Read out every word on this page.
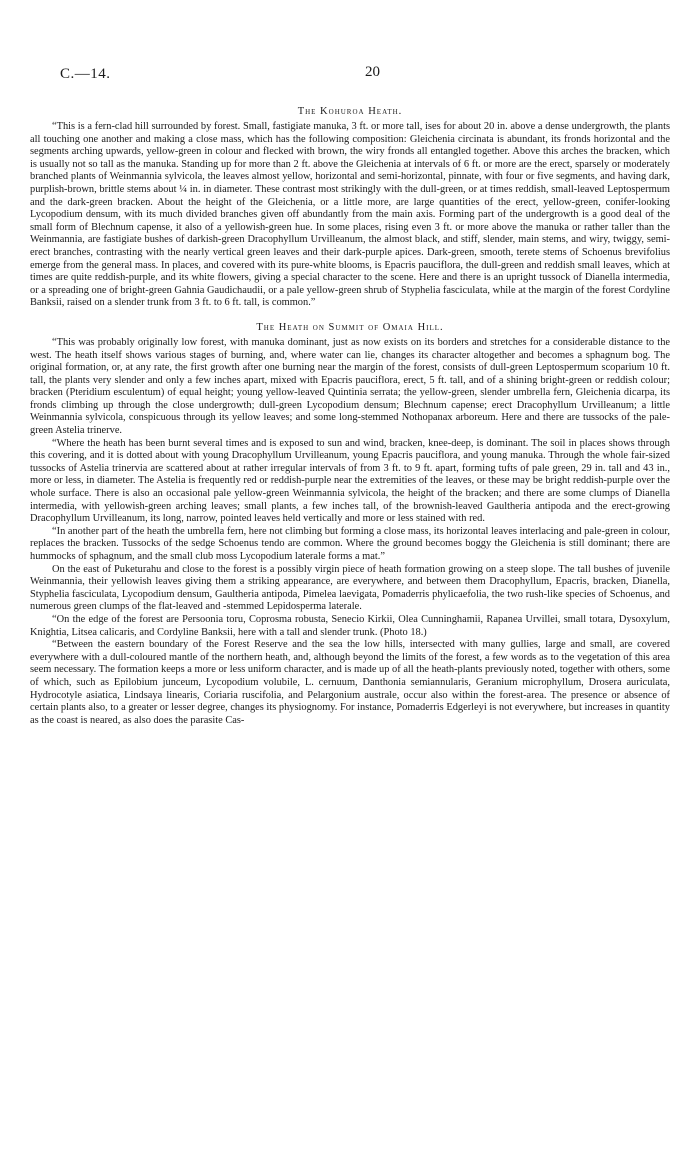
C.—14.	20
The Kohuroa Heath.

“This is a fern-clad hill surrounded by forest. Small, fastigiate manuka, 3 ft. or more tall, ises for about 20 in. above a dense undergrowth, the plants all touching one another and making a close mass, which has the following composition: Gleichenia circinata is abundant, its fronds horizontal and the segments arching upwards, yellow-green in colour and flecked with brown, the wiry fronds all entangled together. Above this arches the bracken, which is usually not so tall as the manuka. Standing up for more than 2 ft. above the Gleichenia at intervals of 6 ft. or more are the erect, sparsely or moderately branched plants of Weinmannia sylvicola, the leaves almost yellow, horizontal and semi-horizontal, pinnate, with four or five segments, and having dark, purplish-brown, brittle stems about ¼ in. in diameter. These contrast most strikingly with the dull-green, or at times reddish, small-leaved Leptospermum and the dark-green bracken. About the height of the Gleichenia, or a little more, are large quantities of the erect, yellow-green, conifer-looking Lycopodium densum, with its much divided branches given off abundantly from the main axis. Forming part of the undergrowth is a good deal of the small form of Blechnum capense, it also of a yellowish-green hue. In some places, rising even 3 ft. or more above the manuka or rather taller than the Weinmannia, are fastigiate bushes of darkish-green Dracophyllum Urvilleanum, the almost black, and stiff, slender, main stems, and wiry, twiggy, semi-erect branches, contrasting with the nearly vertical green leaves and their dark-purple apices. Dark-green, smooth, terete stems of Schoenus brevifolius emerge from the general mass. In places, and covered with its pure-white blooms, is Epacris pauciflora, the dull-green and reddish small leaves, which at times are quite reddish-purple, and its white flowers, giving a special character to the scene. Here and there is an upright tussock of Dianella intermedia, or a spreading one of bright-green Gahnia Gaudichaudii, or a pale yellow-green shrub of Styphelia fasciculata, while at the margin of the forest Cordyline Banksii, raised on a slender trunk from 3 ft. to 6 ft. tall, is common.”

The Heath on Summit of Omaia Hill.

“This was probably originally low forest, with manuka dominant, just as now exists on its borders and stretches for a considerable distance to the west. The heath itself shows various stages of burning, and, where water can lie, changes its character altogether and becomes a sphagnum bog. The original formation, or, at any rate, the first growth after one burning near the margin of the forest, consists of dull-green Leptospermum scoparium 10 ft. tall, the plants very slender and only a few inches apart, mixed with Epacris pauciflora, erect, 5 ft. tall, and of a shining bright-green or reddish colour; bracken (Pteridium esculentum) of equal height; young yellow-leaved Quintinia serrata; the yellow-green, slender umbrella fern, Gleichenia dicarpa, its fronds climbing up through the close undergrowth; dull-green Lycopodium densum; Blechnum capense; erect Dracophyllum Urvilleanum; a little Weinmannia sylvicola, conspicuous through its yellow leaves; and some long-stemmed Nothopanax arboreum. Here and there are tussocks of the pale-green Astelia trinerve.

“Where the heath has been burnt several times and is exposed to sun and wind, bracken, knee-deep, is dominant. The soil in places shows through this covering, and it is dotted about with young Dracophyllum Urvilleanum, young Epacris pauciflora, and young manuka. Through the whole fair-sized tussocks of Astelia trinervia are scattered about at rather irregular intervals of from 3 ft. to 9 ft. apart, forming tufts of pale green, 29 in. tall and 43 in., more or less, in diameter. The Astelia is frequently red or reddish-purple near the extremities of the leaves, or these may be bright reddish-purple over the whole surface. There is also an occasional pale yellow-green Weinmannia sylvicola, the height of the bracken; and there are some clumps of Dianella intermedia, with yellowish-green arching leaves; small plants, a few inches tall, of the brownish-leaved Gaultheria antipoda and the erect-growing Dracophyllum Urvilleanum, its long, narrow, pointed leaves held vertically and more or less stained with red.

“In another part of the heath the umbrella fern, here not climbing but forming a close mass, its horizontal leaves interlacing and pale-green in colour, replaces the bracken. Tussocks of the sedge Schoenus tendo are common. Where the ground becomes boggy the Gleichenia is still dominant; there are hummocks of sphagnum, and the small club moss Lycopodium laterale forms a mat.”

On the east of Puketurahu and close to the forest is a possibly virgin piece of heath formation growing on a steep slope. The tall bushes of juvenile Weinmannia, their yellowish leaves giving them a striking appearance, are everywhere, and between them Dracophyllum, Epacris, bracken, Dianella, Styphelia fasciculata, Lycopodium densum, Gaultheria antipoda, Pimelea laevigata, Pomaderris phylicaefolia, the two rush-like species of Schoenus, and numerous green clumps of the flat-leaved and -stemmed Lepidosperma laterale.

“On the edge of the forest are Persoonia toru, Coprosma robusta, Senecio Kirkii, Olea Cunninghamii, Rapanea Urvillei, small totara, Dysoxylum, Knightia, Litsea calicaris, and Cordyline Banksii, here with a tall and slender trunk. (Photo 18.)

“Between the eastern boundary of the Forest Reserve and the sea the low hills, intersected with many gullies, large and small, are covered everywhere with a dull-coloured mantle of the northern heath, and, although beyond the limits of the forest, a few words as to the vegetation of this area seem necessary. The formation keeps a more or less uniform character, and is made up of all the heath-plants previously noted, together with others, some of which, such as Epilobium junceum, Lycopodium volubile, L. cernuum, Danthonia semiannularis, Geranium microphyllum, Drosera auriculata, Hydrocotyle asiatica, Lindsaya linearis, Coriaria ruscifolia, and Pelargonium australe, occur also within the forest-area. The presence or absence of certain plants also, to a greater or lesser degree, changes its physiognomy. For instance, Pomaderris Edgerleyi is not everywhere, but increases in quantity as the coast is neared, as also does the parasite Cas-
